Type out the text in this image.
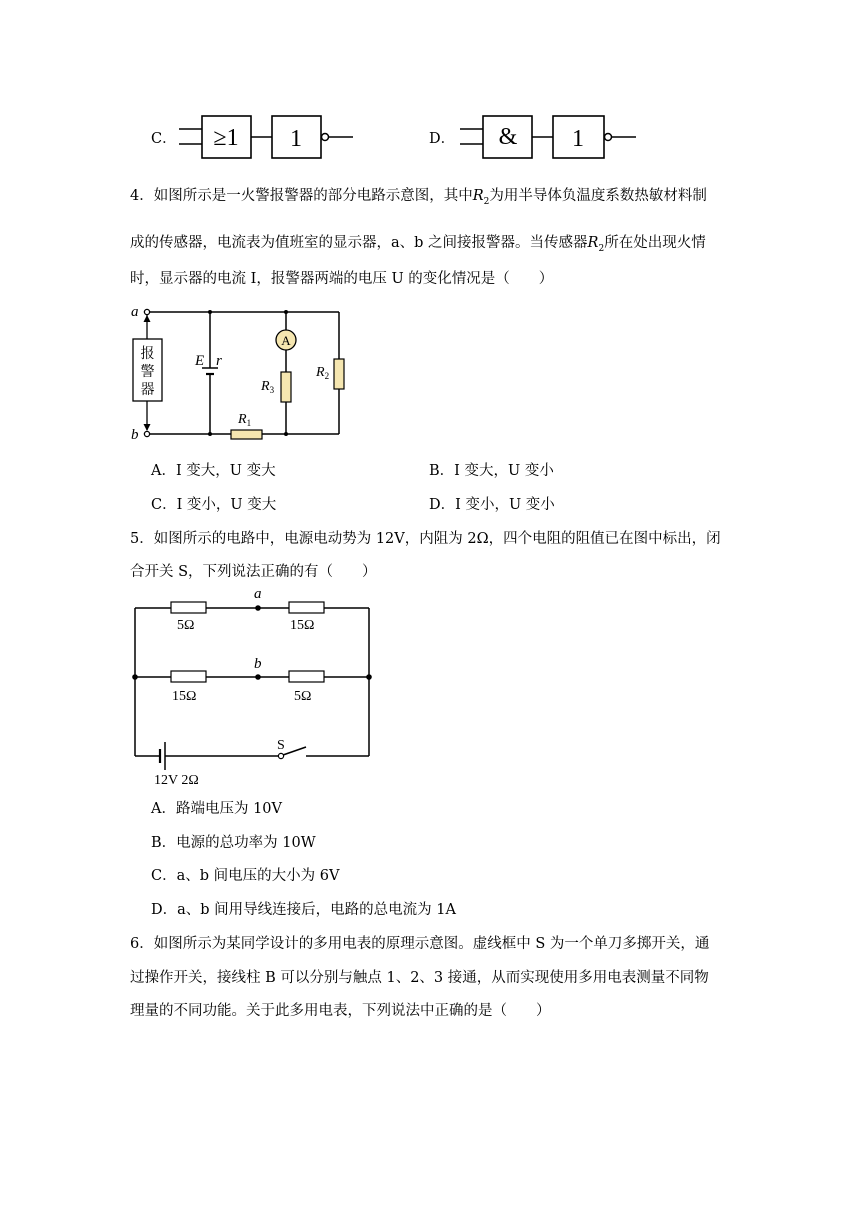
C． ≥1 1	D． & 1
4．如图所示是一火警报警器的部分电路示意图，其中$R_2$为用半导体负温度系数热敏材料制
成的传感器，电流表为值班室的显示器，a、b 之间接报警器。当传感器$R_2$所在处出现火情
时，显示器的电流 I，报警器两端的电压 U 的变化情况是（　　）
a
b
报
警
器
E r
$R_1$
A
$R_3$
$R_2$
A．I 变大，U 变大	B．I 变大，U 变小
C．I 变小，U 变大	D．I 变小，U 变小
5．如图所示的电路中，电源电动势为 12V，内阻为 2Ω，四个电阻的阻值已在图中标出，闭
合开关 S，下列说法正确的有（　　）
a
5Ω	15Ω
b
15Ω	5Ω
S
12V 2Ω
A．路端电压为 10V
B．电源的总功率为 10W
C．a、b 间电压的大小为 6V
D．a、b 间用导线连接后，电路的总电流为 1A
6．如图所示为某同学设计的多用电表的原理示意图。虚线框中 S 为一个单刀多掷开关，通
过操作开关，接线柱 B 可以分别与触点 1、2、3 接通，从而实现使用多用电表测量不同物
理量的不同功能。关于此多用电表，下列说法中正确的是（　　）
